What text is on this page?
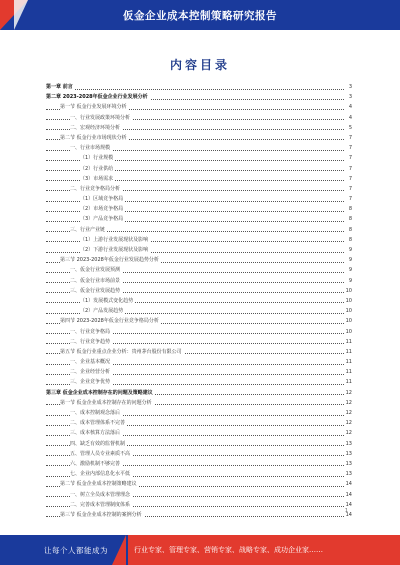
仮金企业成本控制策略研究报告
内容目录
第一章 前言	3
第二章 2023-2028年仮金企业行业发展分析	3
第一节 仮金行业发展环境分析	4
一、行业发展政策环境分析	4
二、宏观经济环境分析	5
第二节 仮金行业市场现状分析	7
一、行业市场规模	7
（1）行业规模	7
（2）行业供给	7
（3）市场需求	7
二、行业竞争格局分析	7
（1）区域竞争格局	7
（2）市场竞争格局	8
（3）产品竞争格局	8
三、行业产业链	8
（1）上游行业发展现状及影响	8
（2）下游行业发展现状及影响	9
第三节 2023-2028年仮金行业发展趋势分析	9
一、仮金行业发展预测	9
二、仮金行业市场前景	9
三、仮金行业发展趋势	10
（1）发展模式变化趋势	10
（2）产品发展趋势	10
第四节 2023-2028年仮金行业竞争格局分析	10
一、行业竞争格局	10
二、行业竞争趋势	11
第五节 仮金行业重点企业分析：贵州茅台股份有限公司	11
一、企业基本概况	11
二、企业经营分析	11
三、企业竞争优势	11
第三章 仮金企业成本控制存在的问题及策略建议	12
第一节 仮金企业成本控制存在的问题分析	12
一、成本控制观念落后	12
二、成本管理体系不完善	12
三、成本核算方法落后	12
四、缺乏有效的监督机制	13
五、管理人员专业素质不高	13
六、激励机制不够完善	13
七、企业内部信息化水平低	13
第二节 仮金企业成本控制策略建议	14
一、树立全员成本管理理念	14
二、完善成本管理制度体系	14
第三节 仮金企业成本控制的案例分析	14
1
让每个人都能成为	行业专家、管理专家、营销专家、战略专家、成功企业家……
